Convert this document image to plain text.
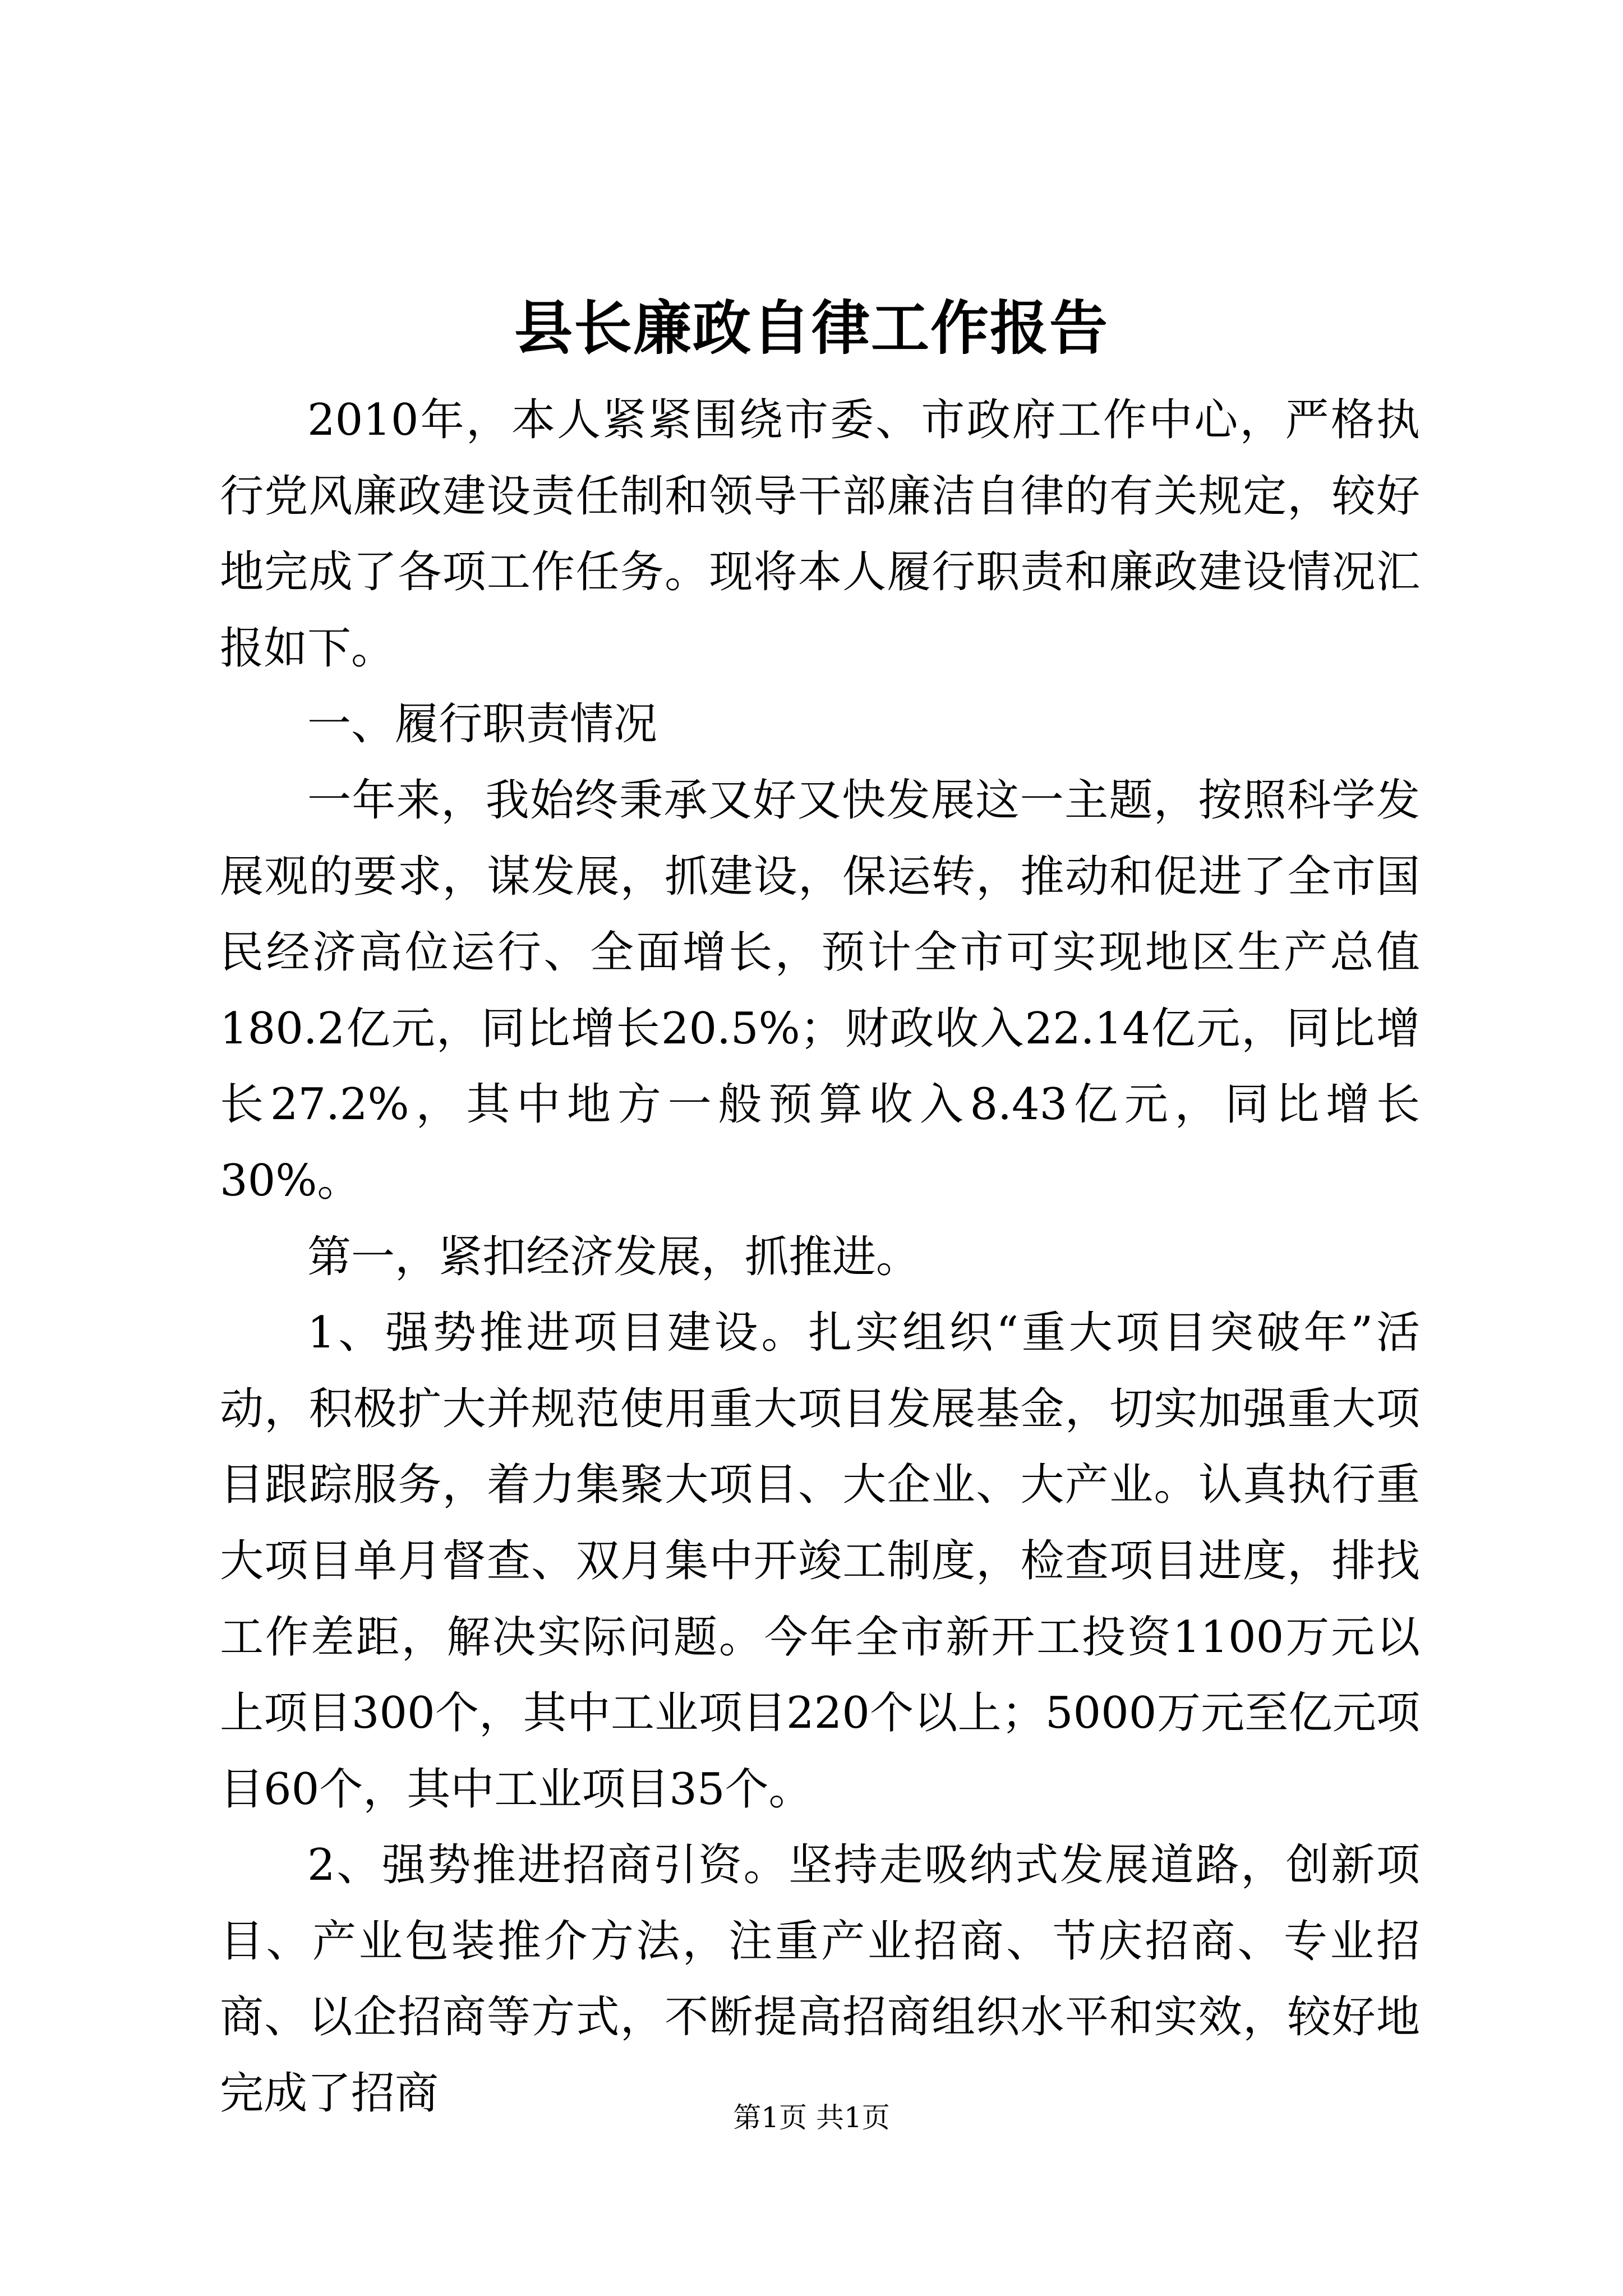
县长廉政自律工作报告

2010年，本人紧紧围绕市委、市政府工作中心，严格执行党风廉政建设责任制和领导干部廉洁自律的有关规定，较好地完成了各项工作任务。现将本人履行职责和廉政建设情况汇报如下。

一、履行职责情况

一年来，我始终秉承又好又快发展这一主题，按照科学发展观的要求，谋发展，抓建设，保运转，推动和促进了全市国民经济高位运行、全面增长，预计全市可实现地区生产总值180.2亿元，同比增长20.5%；财政收入22.14亿元，同比增长27.2%，其中地方一般预算收入8.43亿元，同比增长30%。

第一，紧扣经济发展，抓推进。

1、强势推进项目建设。扎实组织“重大项目突破年”活动，积极扩大并规范使用重大项目发展基金，切实加强重大项目跟踪服务，着力集聚大项目、大企业、大产业。认真执行重大项目单月督查、双月集中开竣工制度，检查项目进度，排找工作差距，解决实际问题。今年全市新开工投资1100万元以上项目300个，其中工业项目220个以上；5000万元至亿元项目60个，其中工业项目35个。

2、强势推进招商引资。坚持走吸纳式发展道路，创新项目、产业包装推介方法，注重产业招商、节庆招商、专业招商、以企招商等方式，不断提高招商组织水平和实效，较好地完成了招商	第1页 共1页
